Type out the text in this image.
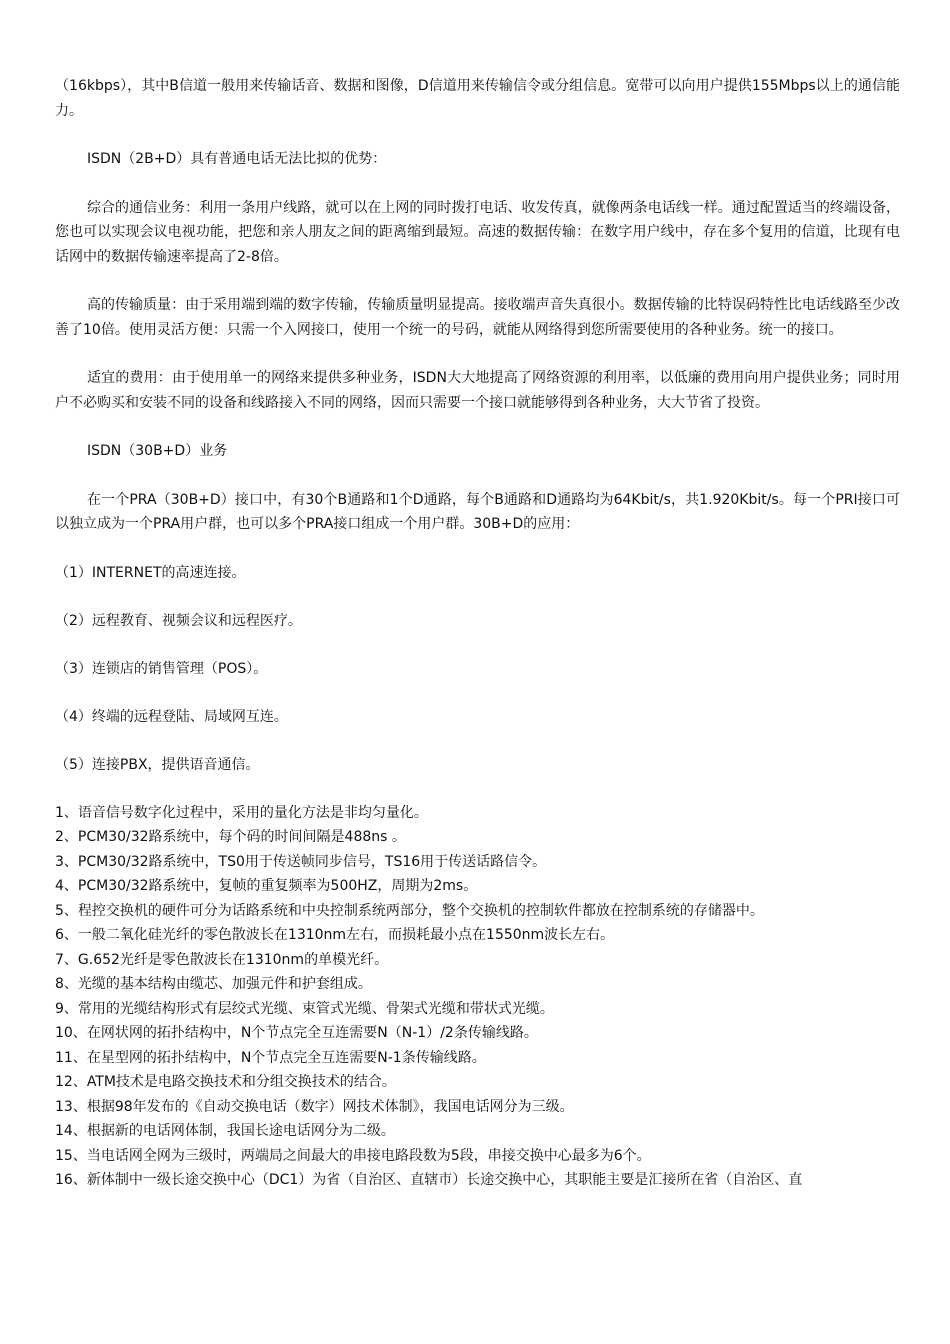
（16kbps），其中B信道一般用来传输话音、数据和图像，D信道用来传输信令或分组信息。宽带可以向用户提供155Mbps以上的通信能力。

ISDN（2B+D）具有普通电话无法比拟的优势：

综合的通信业务：利用一条用户线路，就可以在上网的同时拨打电话、收发传真，就像两条电话线一样。通过配置适当的终端设备，您也可以实现会议电视功能，把您和亲人朋友之间的距离缩到最短。高速的数据传输：在数字用户线中，存在多个复用的信道，比现有电话网中的数据传输速率提高了2-8倍。

高的传输质量：由于采用端到端的数字传输，传输质量明显提高。接收端声音失真很小。数据传输的比特误码特性比电话线路至少改善了10倍。使用灵活方便：只需一个入网接口，使用一个统一的号码，就能从网络得到您所需要使用的各种业务。统一的接口。

适宜的费用：由于使用单一的网络来提供多种业务，ISDN大大地提高了网络资源的利用率，以低廉的费用向用户提供业务；同时用户不必购买和安装不同的设备和线路接入不同的网络，因而只需要一个接口就能够得到各种业务，大大节省了投资。

ISDN（30B+D）业务

在一个PRA（30B+D）接口中，有30个B通路和1个D通路，每个B通路和D通路均为64Kbit/s，共1.920Kbit/s。每一个PRI接口可以独立成为一个PRA用户群，也可以多个PRA接口组成一个用户群。30B+D的应用：

（1）INTERNET的高速连接。

（2）远程教育、视频会议和远程医疗。

（3）连锁店的销售管理（POS）。

（4）终端的远程登陆、局域网互连。

（5）连接PBX，提供语音通信。

1、语音信号数字化过程中，采用的量化方法是非均匀量化。

2、PCM30/32路系统中，每个码的时间间隔是488ns 。

3、PCM30/32路系统中，TS0用于传送帧同步信号，TS16用于传送话路信令。

4、PCM30/32路系统中，复帧的重复频率为500HZ，周期为2ms。

5、程控交换机的硬件可分为话路系统和中央控制系统两部分，整个交换机的控制软件都放在控制系统的存储器中。

6、一般二氧化硅光纤的零色散波长在1310nm左右，而损耗最小点在1550nm波长左右。

7、G.652光纤是零色散波长在1310nm的单模光纤。

8、光缆的基本结构由缆芯、加强元件和护套组成。

9、常用的光缆结构形式有层绞式光缆、束管式光缆、骨架式光缆和带状式光缆。

10、在网状网的拓扑结构中，N个节点完全互连需要N（N-1）/2条传输线路。

11、在星型网的拓扑结构中，N个节点完全互连需要N-1条传输线路。

12、ATM技术是电路交换技术和分组交换技术的结合。

13、根据98年发布的《自动交换电话（数字）网技术体制》，我国电话网分为三级。

14、根据新的电话网体制，我国长途电话网分为二级。

15、当电话网全网为三级时，两端局之间最大的串接电路段数为5段，串接交换中心最多为6个。

16、新体制中一级长途交换中心（DC1）为省（自治区、直辖市）长途交换中心，其职能主要是汇接所在省（自治区、直
